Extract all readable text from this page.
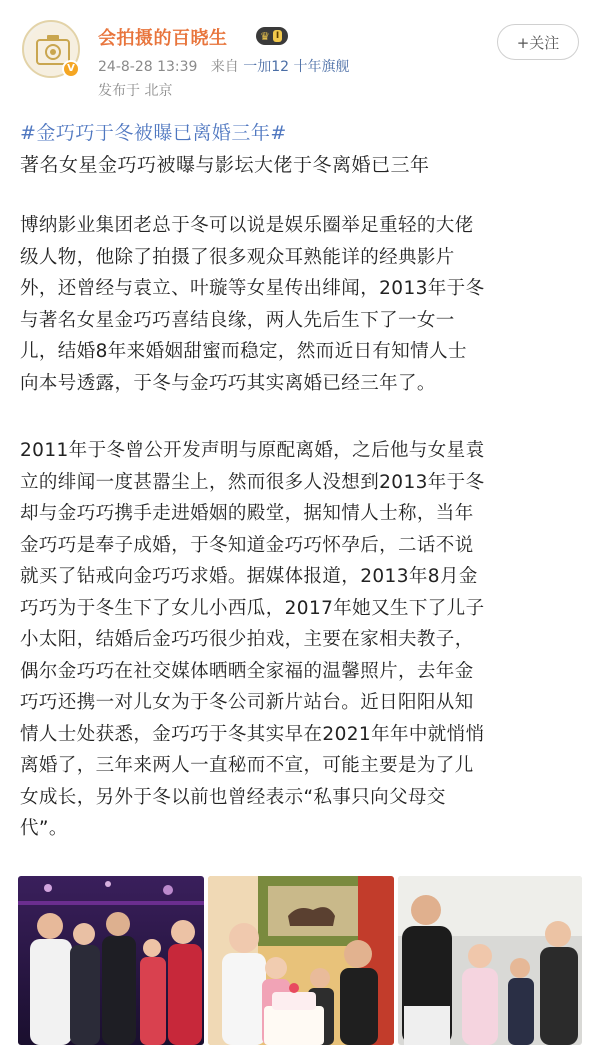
V
会拍摄的百晓生	♛ I
24-8-28 13:39 来自 一加12 十年旗舰
发布于 北京
+关注
#金巧巧于冬被曝已离婚三年#
著名女星金巧巧被曝与影坛大佬于冬离婚已三年
博纳影业集团老总于冬可以说是娱乐圈举足重轻的大佬
级人物，他除了拍摄了很多观众耳熟能详的经典影片
外，还曾经与袁立、叶璇等女星传出绯闻，2013年于冬
与著名女星金巧巧喜结良缘，两人先后生下了一女一
儿，结婚8年来婚姻甜蜜而稳定，然而近日有知情人士
向本号透露，于冬与金巧巧其实离婚已经三年了。
2011年于冬曾公开发声明与原配离婚，之后他与女星袁
立的绯闻一度甚嚣尘上，然而很多人没想到2013年于冬
却与金巧巧携手走进婚姻的殿堂，据知情人士称，当年
金巧巧是奉子成婚，于冬知道金巧巧怀孕后，二话不说
就买了钻戒向金巧巧求婚。据媒体报道，2013年8月金
巧巧为于冬生下了女儿小西瓜，2017年她又生下了儿子
小太阳，结婚后金巧巧很少拍戏，主要在家相夫教子，
偶尔金巧巧在社交媒体晒晒全家福的温馨照片，去年金
巧巧还携一对儿女为于冬公司新片站台。近日阳阳从知
情人士处获悉，金巧巧于冬其实早在2021年年中就悄悄
离婚了，三年来两人一直秘而不宣，可能主要是为了儿
女成长，另外于冬以前也曾经表示“私事只向父母交
代”。
